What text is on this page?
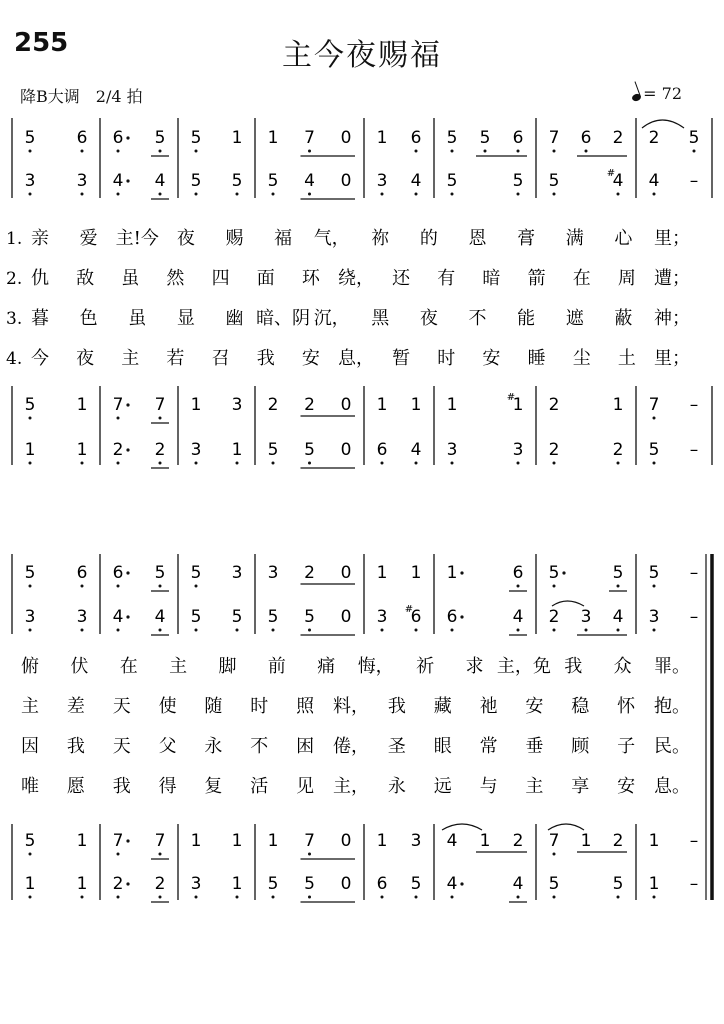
255	主今夜赐福
降B大调　2/4 拍	= 72
5 6 6 5 5 1 1 7 0 1 6 5 5 6 7 6 2 2 5
3 3 4 4 5 5 5 4 0 3 4 5	5 5	4
# 4 –
1. 亲 爱 主!今 夜 赐 福 气， 祢 的 恩 膏 满 心 里；
2. 仇 敌 虽 然 四 面 环 绕， 还 有 暗 箭 在 周 遭；
3. 暮 色 虽 显 幽 暗、阴 沉， 黑 夜 不 能 遮 蔽 神；
4. 今 夜 主 若 召 我 安 息， 暂 时 安 睡 尘 土 里；
5 1 7 7 1 3 2 2 0 1 1 1	1
# 2	1 7 –
1 1 2 2 3 1 5 5 0 6 4 3	3 2	2 5 –
5 6 6 5 5 3 3 2 0 1 1 1	6 5	5 5 –
3 3 4 4 5 5 5 5 0 3 6
# 6	4 2 3 4 3 –
俯 伏 在 主 脚 前 痛 悔， 祈 求 主，免 我 众 罪。
主 差 天 使 随 时 照 料， 我 藏 祂 安 稳 怀 抱。
因 我 天 父 永 不 困 倦， 圣 眼 常 垂 顾 子 民。
唯 愿 我 得 复 活 见 主， 永 远 与 主 享 安 息。
5 1 7 7 1 1 1 7 0 1 3 4 1 2 7 1 2 1 –
1 1 2 2 3 1 5 5 0 6 5 4	4 5	5 1 –
